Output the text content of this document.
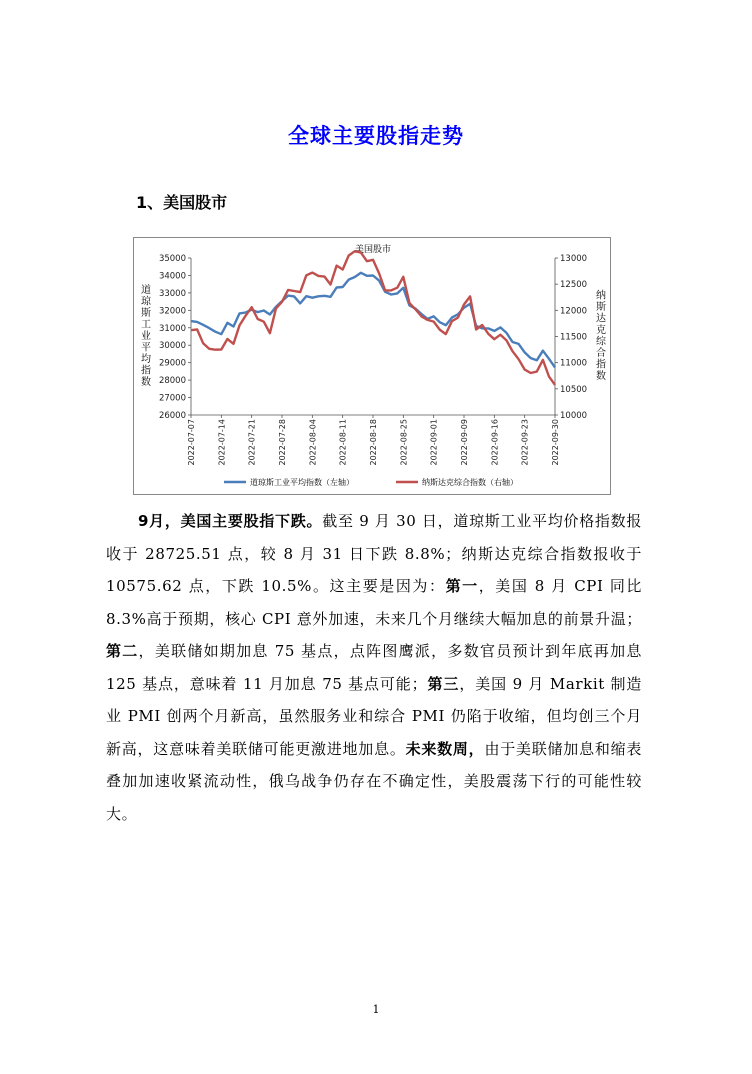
全球主要股指走势
1、美国股市
美国股市
26000
27000
28000
29000
30000
31000
32000
33000
34000
35000
10000
10500
11000
11500
12000
12500
13000
道
琼
斯
工
业
平
均
指
数
纳
斯
达
克
综
合
指
数
2022-07-07	2022-07-14	2022-07-21	2022-07-28	2022-08-04	2022-08-11	2022-08-18	2022-08-25	2022-09-01	2022-09-09	2022-09-16	2022-09-23	2022-09-30
道琼斯工业平均指数（左轴）	纳斯达克综合指数（右轴）
9月，美国主要股指下跌。截至 9 月 30 日，道琼斯工业平均价格指数报收于 28725.51 点，较 8 月 31 日下跌 8.8%；纳斯达克综合指数报收于 10575.62 点，下跌 10.5%。这主要是因为：第一，美国 8 月 CPI 同比 8.3%高于预期，核心 CPI 意外加速，未来几个月继续大幅加息的前景升温；第二，美联储如期加息 75 基点，点阵图鹰派，多数官员预计到年底再加息 125 基点，意味着 11 月加息 75 基点可能；第三，美国 9 月 Markit 制造业 PMI 创两个月新高，虽然服务业和综合 PMI 仍陷于收缩，但均创三个月新高，这意味着美联储可能更激进地加息。未来数周，由于美联储加息和缩表叠加加速收紧流动性，俄乌战争仍存在不确定性，美股震荡下行的可能性较大。
1
